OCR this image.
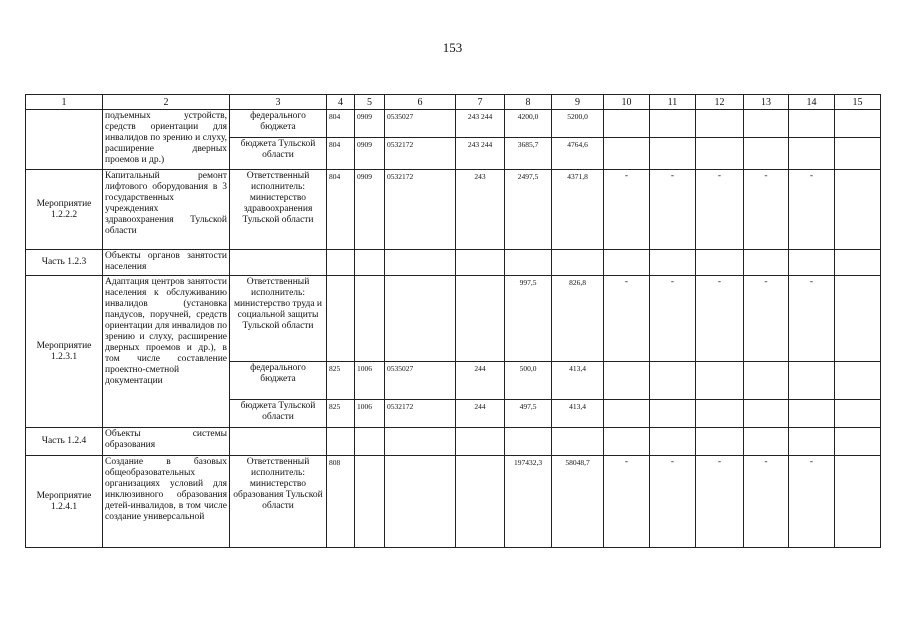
153
1	2	3	4	5	6	7	8	9	10	11	12	13	14	15
	подъемных устройств, средств ориентации для инвалидов по зрению и слуху, расширение дверных проемов и др.)	федерального бюджета	804	0909	0535027	243 244	4200,0	5200,0						
		бюджета Тульской области	804	0909	0532172	243 244	3685,7	4764,6						
Мероприятие 1.2.2.2	Капитальный ремонт лифтового оборудования в 3 государственных учреждениях здравоохранения Тульской области	Ответственный исполнитель: министерство здравоохранения Тульской области	804	0909	0532172	243	2497,5	4371,8	-	-	-	-	-	
Часть 1.2.3	Объекты органов занятости населения													
Мероприятие 1.2.3.1	Адаптация центров занятости населения к обслуживанию инвалидов (установка пандусов, поручней, средств ориентации для инвалидов по зрению и слуху, расширение дверных проемов и др.), в том числе составление проектно-сметной документации	Ответственный исполнитель: министерство труда и социальной защиты Тульской области					997,5	826,8	-	-	-	-	-	
		федерального бюджета	825	1006	0535027	244	500,0	413,4						
		бюджета Тульской области	825	1006	0532172	244	497,5	413,4						
Часть 1.2.4	Объекты системы образования													
Мероприятие 1.2.4.1	Создание в базовых общеобразовательных организациях условий для инклюзивного образования детей-инвалидов, в том числе создание универсальной	Ответственный исполнитель: министерство образования Тульской области	808				197432,3	58048,7	-	-	-	-	-	
